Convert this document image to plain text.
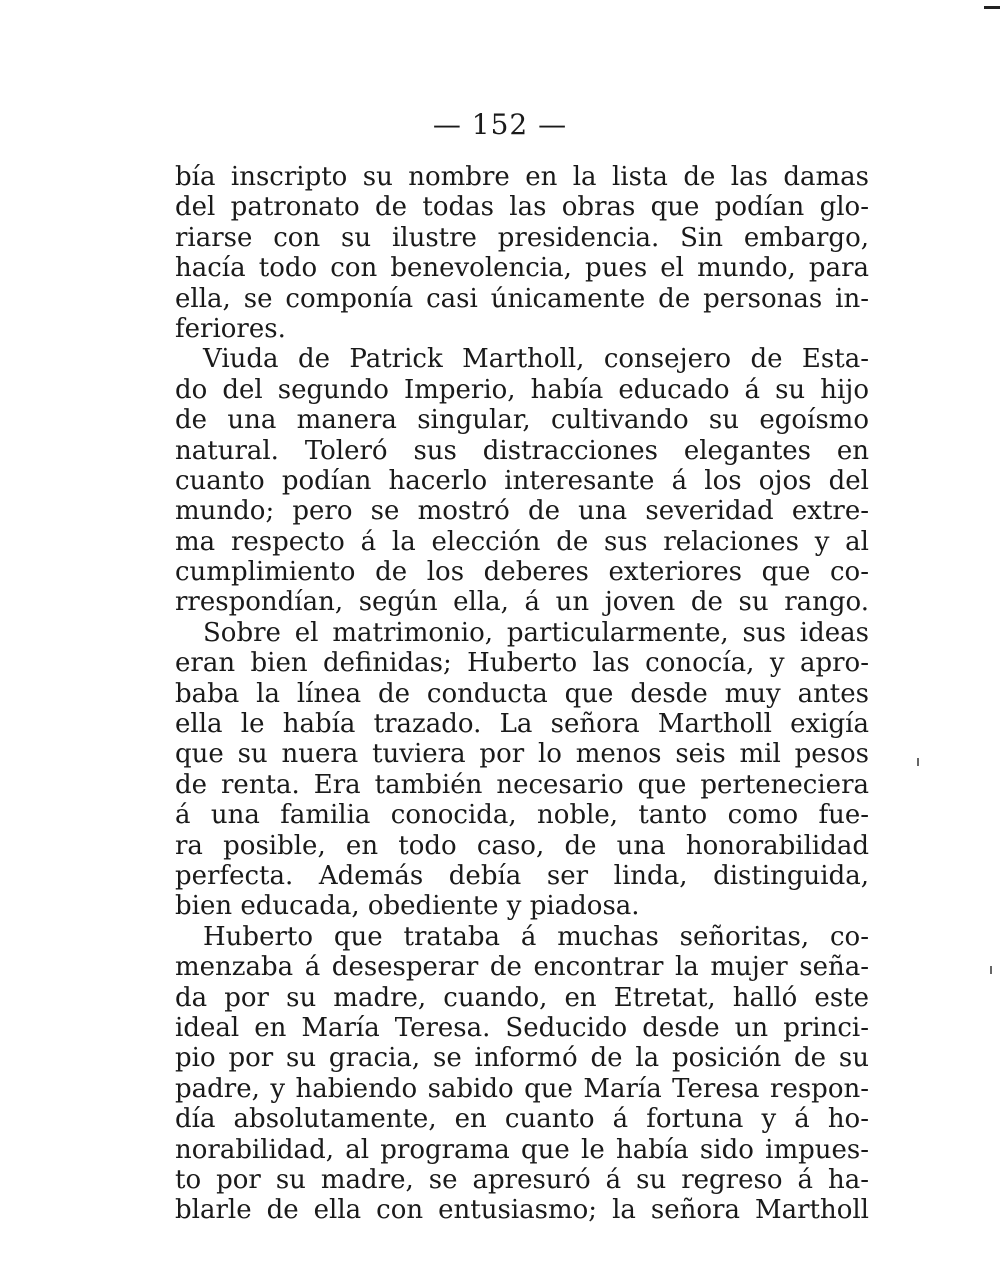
— 152 —
bía inscripto su nombre en la lista de las damas
del patronato de todas las obras que podían glo-
riarse con su ilustre presidencia. Sin embargo,
hacía todo con benevolencia, pues el mundo, para
ella, se componía casi únicamente de personas in-
feriores.
Viuda de Patrick Martholl, consejero de Esta-
do del segundo Imperio, había educado á su hijo
de una manera singular, cultivando su egoísmo
natural. Toleró sus distracciones elegantes en
cuanto podían hacerlo interesante á los ojos del
mundo; pero se mostró de una severidad extre-
ma respecto á la elección de sus relaciones y al
cumplimiento de los deberes exteriores que co-
rrespondían, según ella, á un joven de su rango.
Sobre el matrimonio, particularmente, sus ideas
eran bien definidas; Huberto las conocía, y apro-
baba la línea de conducta que desde muy antes
ella le había trazado. La señora Martholl exigía
que su nuera tuviera por lo menos seis mil pesos
de renta. Era también necesario que perteneciera
á una familia conocida, noble, tanto como fue-
ra posible, en todo caso, de una honorabilidad
perfecta. Además debía ser linda, distinguida,
bien educada, obediente y piadosa.
Huberto que trataba á muchas señoritas, co-
menzaba á desesperar de encontrar la mujer seña-
da por su madre, cuando, en Etretat, halló este
ideal en María Teresa. Seducido desde un princi-
pio por su gracia, se informó de la posición de su
padre, y habiendo sabido que María Teresa respon-
día absolutamente, en cuanto á fortuna y á ho-
norabilidad, al programa que le había sido impues-
to por su madre, se apresuró á su regreso á ha-
blarle de ella con entusiasmo; la señora Martholl
